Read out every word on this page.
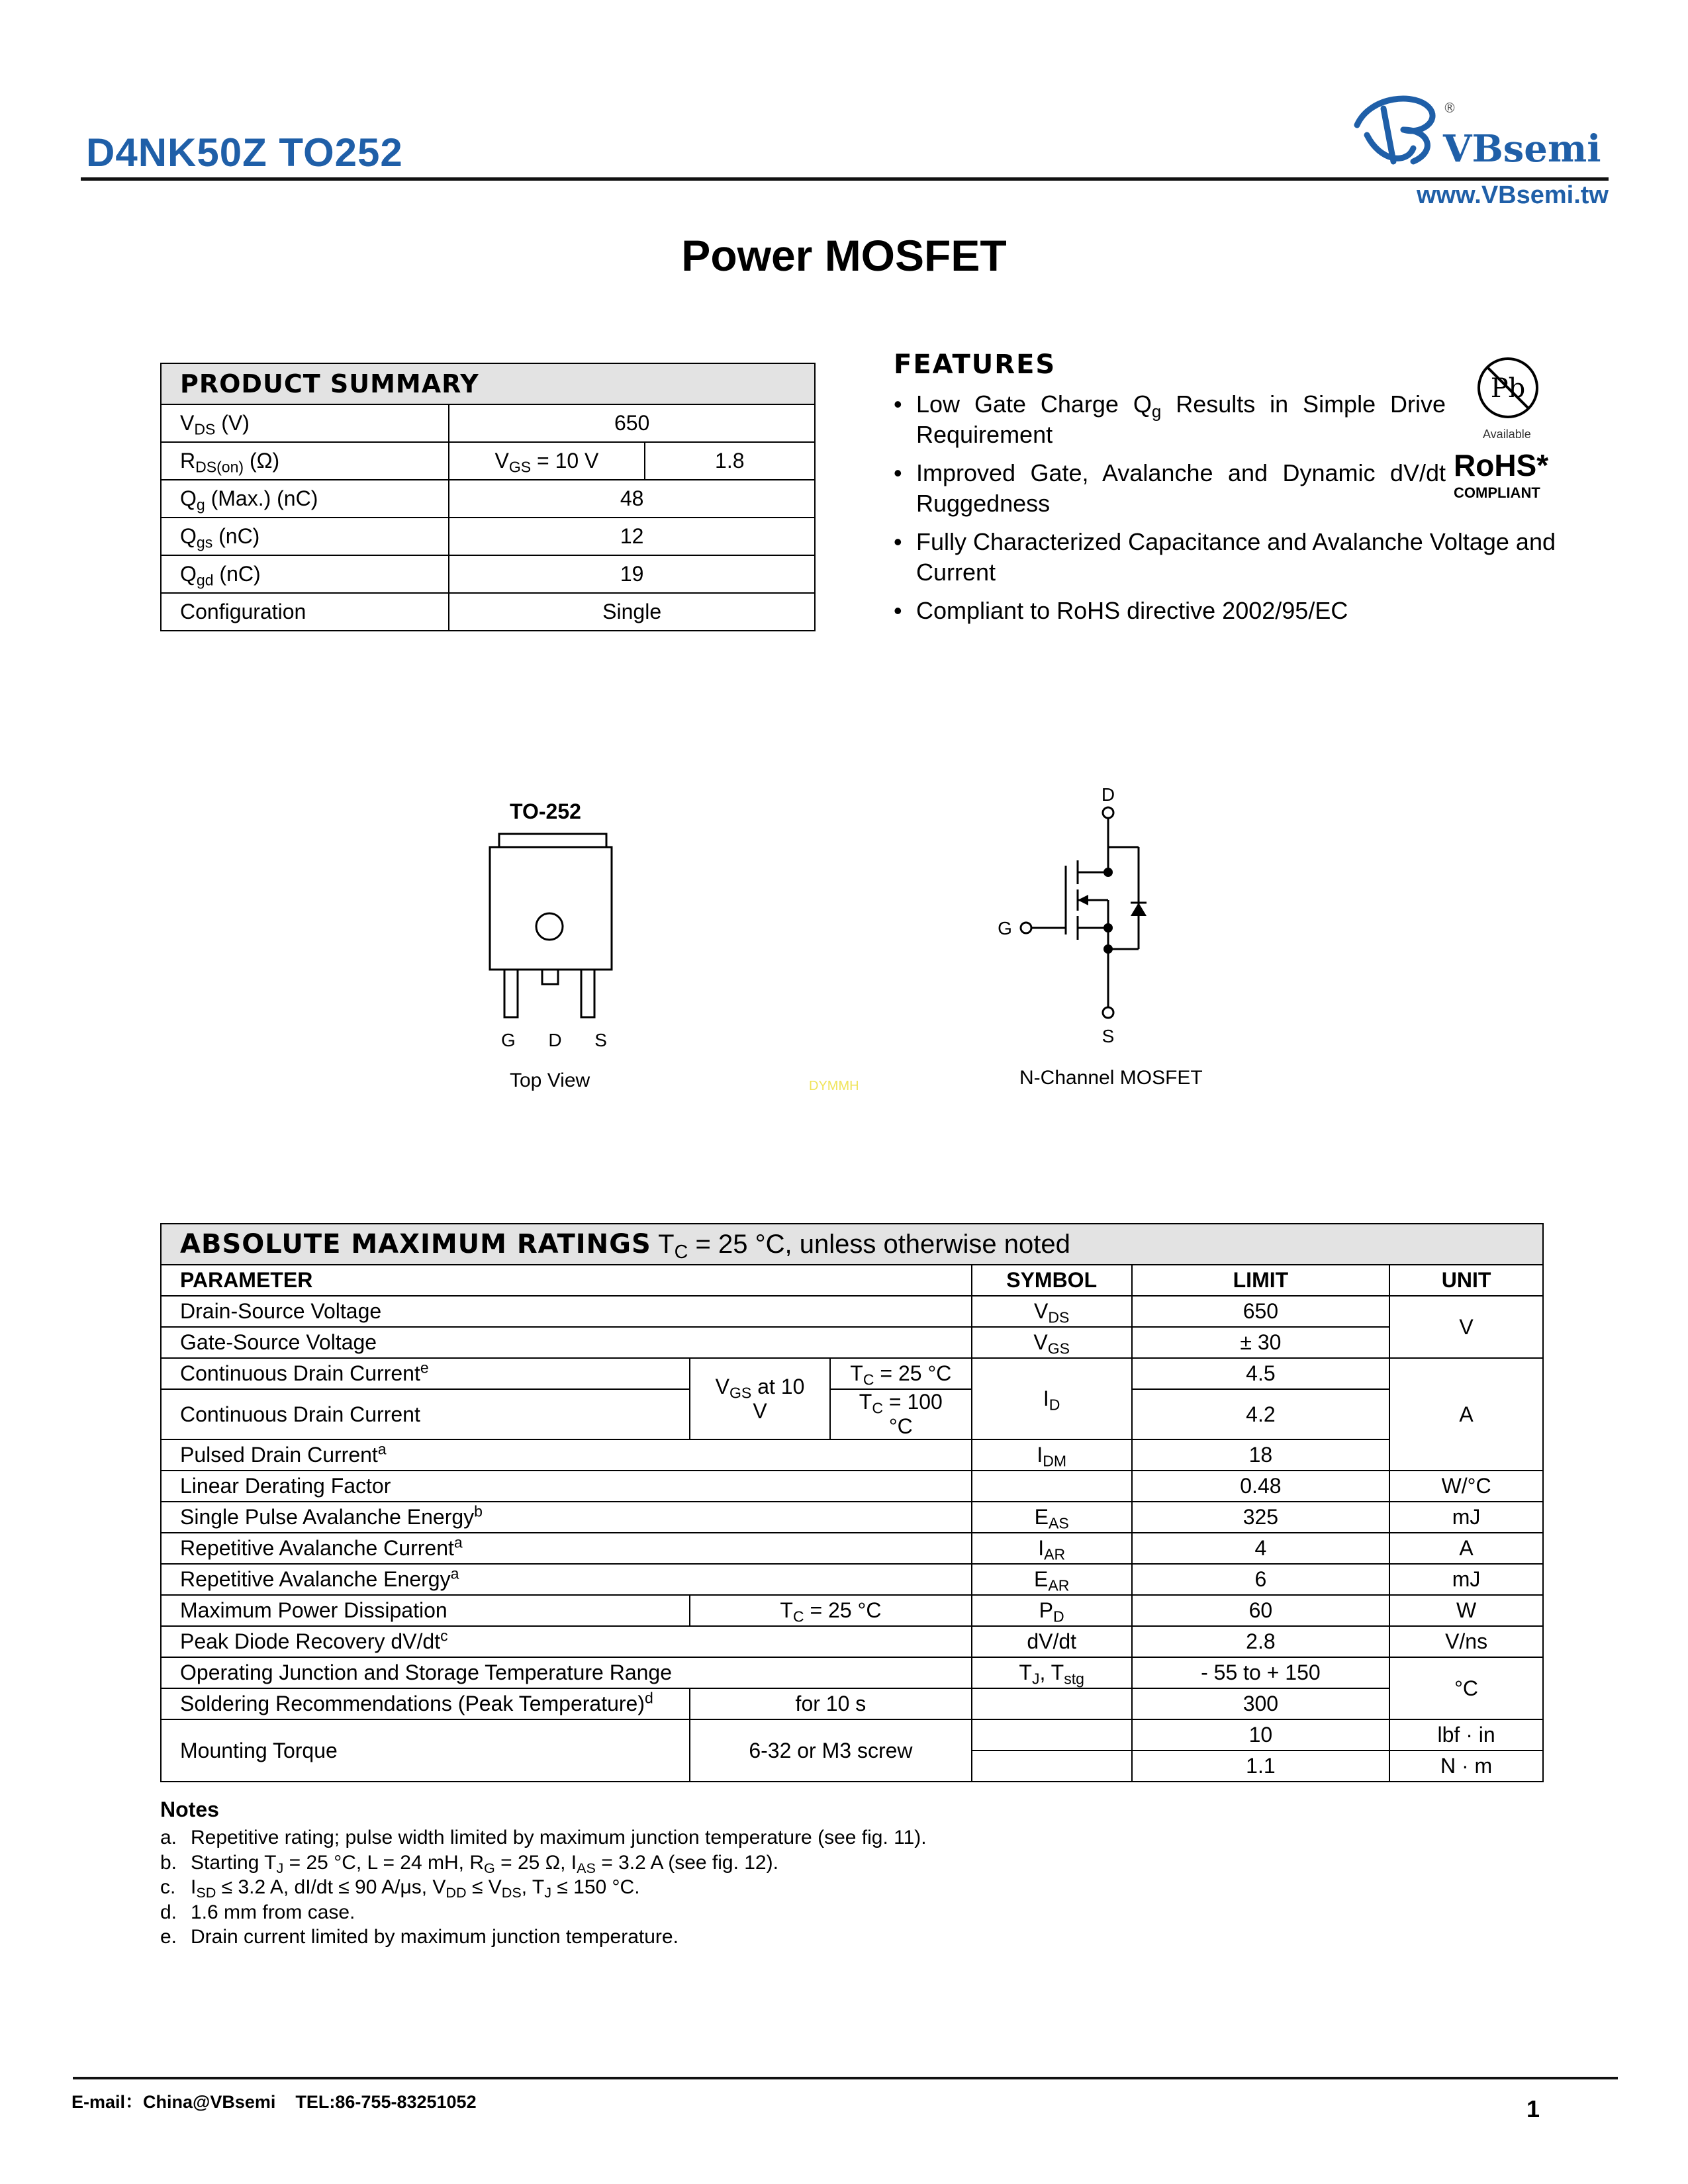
D4NK50Z TO252	VBsemi
®
www.VBsemi.tw
Power MOSFET
PRODUCT SUMMARY		
$V_{DS}$ (V)	650	
$R_{DS(on)}$ (Ω)	$V_{GS} = 10$ V	1.8
$Q_g$ (Max.) (nC)	48	
$Q_{gs}$ (nC)	12	
$Q_{gd}$ (nC)	19	
Configuration	Single	
FEATURES
• Low Gate Charge $Q_g$ Results in Simple Drive Requirement
• Improved Gate, Avalanche and Dynamic dV/dt Ruggedness
• Fully Characterized Capacitance and Avalanche Voltage and Current
• Compliant to RoHS directive 2002/95/EC
Pb
Available
RoHS*
COMPLIANT
TO-252
G D S
Top View	DYMMH
D
G
S
N-Channel MOSFET
ABSOLUTE MAXIMUM RATINGS $T_C = 25$ °C, unless otherwise noted					
PARAMETER			SYMBOL	LIMIT	UNIT
Drain-Source Voltage			$V_{DS}$	650	V
Gate-Source Voltage			$V_{GS}$	± 30	
Continuous Drain Current$^e$	$V_{GS}$ at 10 V	$T_C = 25$ °C	$I_D$	4.5	A
Continuous Drain Current		$T_C = 100$ °C		4.2	
Pulsed Drain Current$^a$			$I_{DM}$	18	
Linear Derating Factor				0.48	W/°C
Single Pulse Avalanche Energy$^b$			$E_{AS}$	325	mJ
Repetitive Avalanche Current$^a$			$I_{AR}$	4	A
Repetitive Avalanche Energy$^a$			$E_{AR}$	6	mJ
Maximum Power Dissipation	$T_C = 25$ °C		$P_D$	60	W
Peak Diode Recovery $dV/dt^c$			dV/dt	2.8	V/ns
Operating Junction and Storage Temperature Range			$T_J$, $T_{stg}$	- 55 to + 150	°C
Soldering Recommendations (Peak Temperature)$^d$	for 10 s			300	
Mounting Torque	6-32 or M3 screw			10	lbf · in
				1.1	N · m
Notes
a. Repetitive rating; pulse width limited by maximum junction temperature (see fig. 11).
b. Starting $T_J = 25$ °C, L = 24 mH, $R_G = 25$ Ω, $I_{AS} = 3.2$ A (see fig. 12).
c. $I_{SD} \le 3.2$ A, dI/dt ≤ 90 A/μs, $V_{DD} \le V_{DS}$, $T_J \le 150$ °C.
d. 1.6 mm from case.
e. Drain current limited by maximum junction temperature.
E-mail：China@VBsemi    TEL:86-755-83251052	1
